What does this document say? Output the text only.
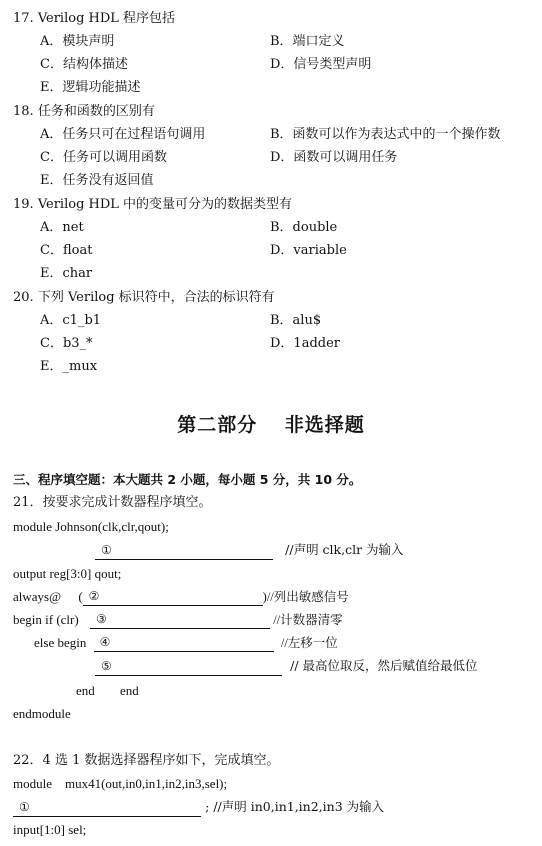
17. Verilog HDL 程序包括
A．模块声明	B．端口定义
C．结构体描述	D．信号类型声明
E．逻辑功能描述
18. 任务和函数的区别有
A．任务只可在过程语句调用	B．函数可以作为表达式中的一个操作数
C．任务可以调用函数	D．函数可以调用任务
E．任务没有返回值
19. Verilog HDL 中的变量可分为的数据类型有
A．net	B．double
C．float	D．variable
E．char
20. 下列 Verilog 标识符中，合法的标识符有
A．c1_b1	B．alu$
C．b3_*	D．1adder
E．_mux
第二部分　 非选择题
三、程序填空题：本大题共 2 小题，每小题 5 分，共 10 分。
21．按要求完成计数器程序填空。
module Johnson(clk,clr,qout);
①	//声明 clk,clr 为输入
output reg[3:0] qout;
always@ ( ②	)//列出敏感信号
begin if (clr) ③	//计数器清零
else begin ④	//左移一位
⑤	// 最高位取反，然后赋值给最低位
end end
endmodule
22．4 选 1 数据选择器程序如下，完成填空。
module　mux41(out,in0,in1,in2,in3,sel);
①	; //声明 in0,in1,in2,in3 为输入
input[1:0] sel;
